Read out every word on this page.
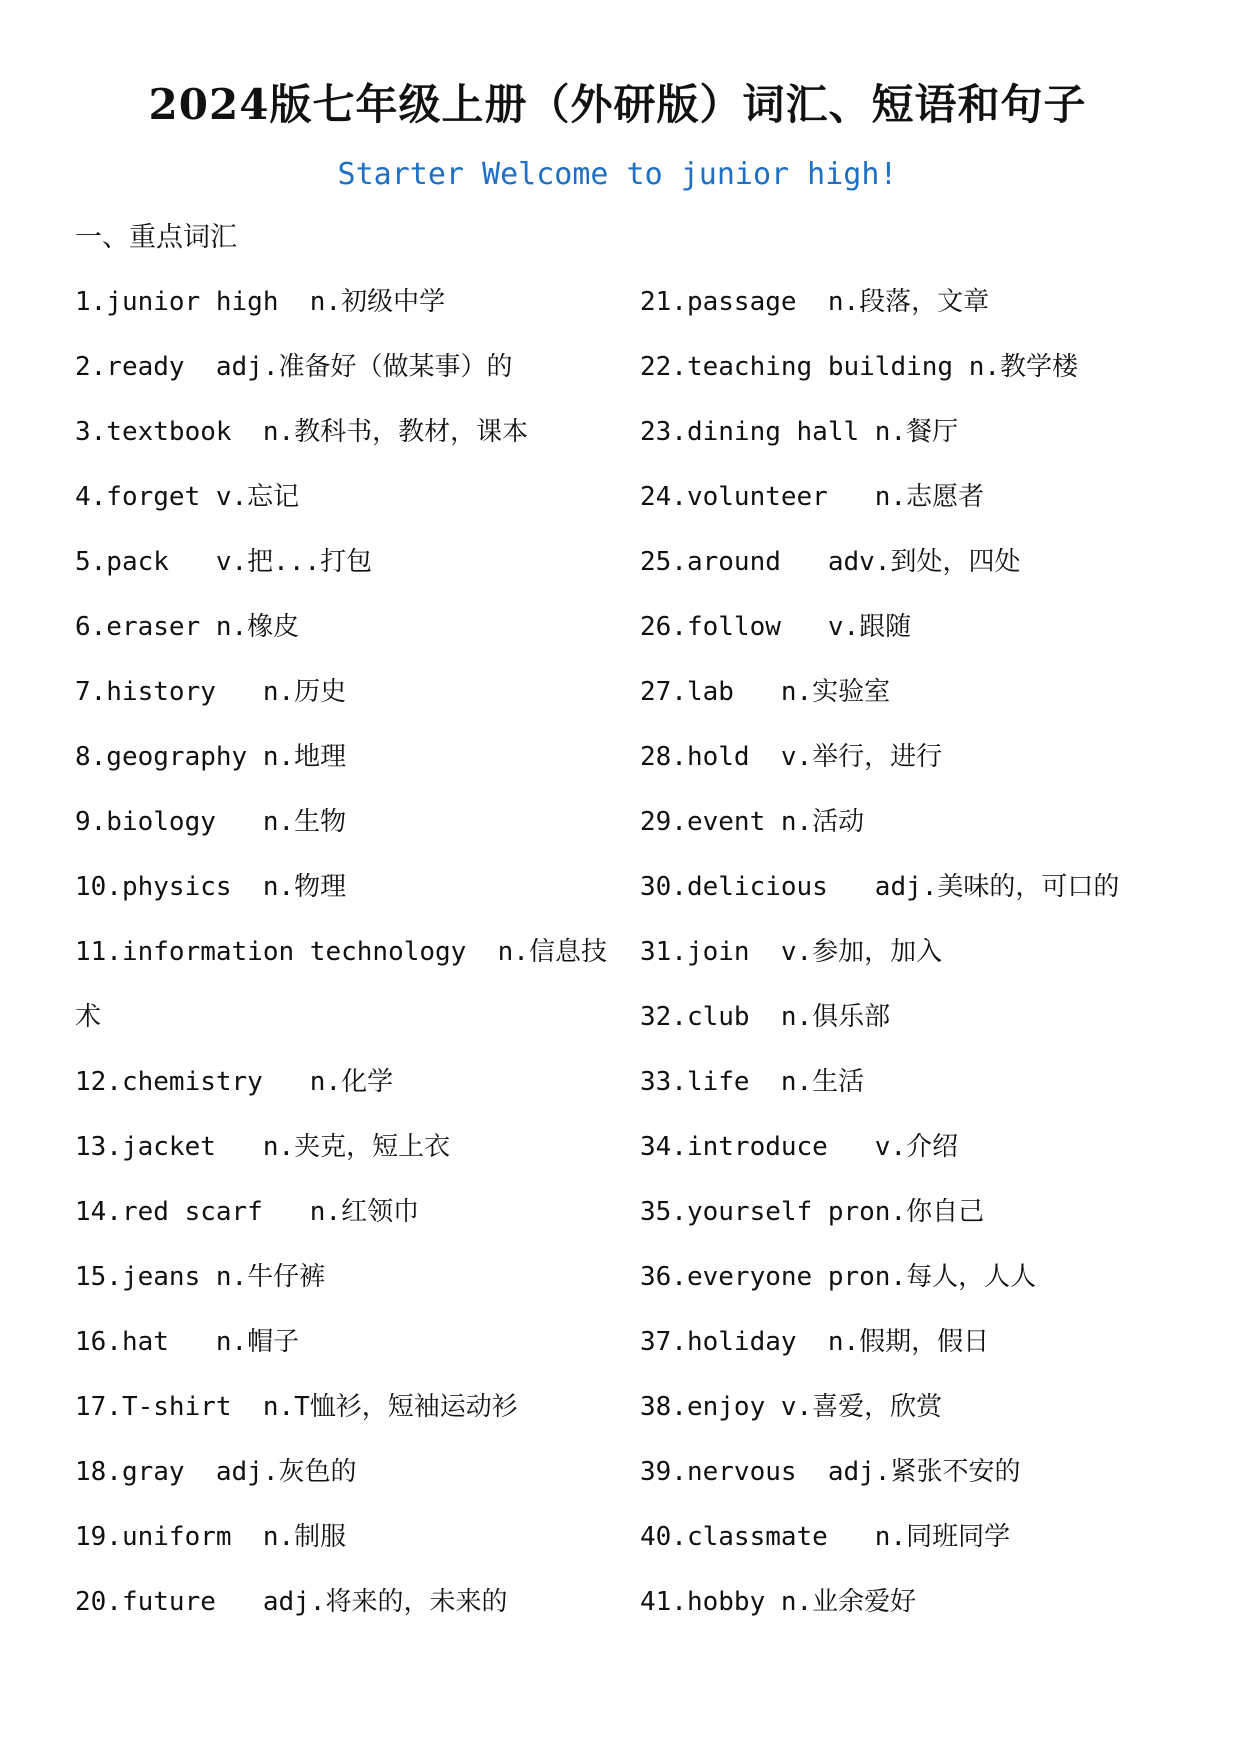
2024版七年级上册（外研版）词汇、短语和句子
Starter Welcome to junior high!
一、重点词汇
1.junior high  n.初级中学
2.ready  adj.准备好（做某事）的
3.textbook  n.教科书，教材，课本
4.forget v.忘记
5.pack   v.把...打包
6.eraser n.橡皮
7.history   n.历史
8.geography n.地理
9.biology   n.生物
10.physics  n.物理
11.information technology  n.信息技
术
12.chemistry   n.化学
13.jacket   n.夹克，短上衣
14.red scarf   n.红领巾
15.jeans n.牛仔裤
16.hat   n.帽子
17.T-shirt  n.T恤衫，短袖运动衫
18.gray  adj.灰色的
19.uniform  n.制服
20.future   adj.将来的，未来的
21.passage  n.段落，文章
22.teaching building n.教学楼
23.dining hall n.餐厅
24.volunteer   n.志愿者
25.around   adv.到处，四处
26.follow   v.跟随
27.lab   n.实验室
28.hold  v.举行，进行
29.event n.活动
30.delicious   adj.美味的，可口的
31.join  v.参加，加入
32.club  n.俱乐部
33.life  n.生活
34.introduce   v.介绍
35.yourself pron.你自己
36.everyone pron.每人，人人
37.holiday  n.假期，假日
38.enjoy v.喜爱，欣赏
39.nervous  adj.紧张不安的
40.classmate   n.同班同学
41.hobby n.业余爱好
